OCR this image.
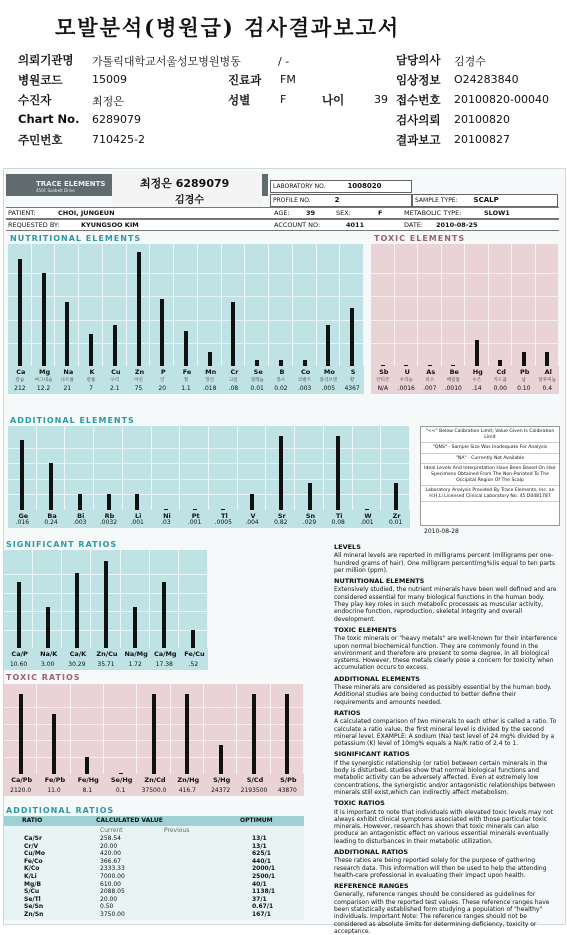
모발분석(병원급) 검사결과보고서
/ -
TRACE ELEMENTS
4501 Sunbelt Drive
최정은 6289079
김경수
LABORATORY NO.	1008020
PROFILE NO.	2	SAMPLE TYPE: SCALP
PATIENT:	CHOI, JUNGEUN	AGE:	39	SEX:	F	METABOLIC TYPE:	SLOW1
REQUESTED BY:	KYUNGSOO KIM	ACCOUNT NO:	4011	DATE: 2010-08-25
NUTRITIONAL ELEMENTS
Ca
칼슘
212
Mg
마그네슘
12.2
Na
나트륨
21
K
칼륨
7
Cu
구리
2.1
Zn
아연
75
P
인
20
Fe
철
1.1
Mn
망간
.018
Cr
크롬
.08
Se
셀레늄
0.01
B
붕소
0.02
Co
코발트
.003
Mo
몰리브덴
.005
S
황
4367
TOXIC ELEMENTS
Sb
안티몬
N/A
U
우라늄
.0016
As
비소
.007
Be
베릴륨
.0010
Hg
수은
.14
Cd
카드뮴
0.00
Pb
납
0.10
Al
알루미늄
0.4
ADDITIONAL ELEMENTS
Ge
.016
Ba
0.24
Bi
.003
Rb
.0032
Li
.001
Ni
.03
Pt
.001
Tl
.0005
V
.004
Sr
0.82
Sn
.029
Ti
0.08
W
.001
Zr
0.01
2010-08-28
"<<" Below Calibration Limit; Value Given Is Calibration Limit
"QNS" - Sample Size Was Inadequate For Analysis
"NA" - Currently Not Available
Ideal Levels And Interpretation Have Been Based On Hair Specimens Obtained From The Non-Pariated To The Occipital Region Of The Scalp
Laboratory Analysis Provided By Trace Elements, Inc. an H.H.Li Licensed Clinical Laboratory No. 45 D0481787
SIGNIFICANT RATIOS
Ca/P
10.60
Na/K
3.00
Ca/K
30.29
Zn/Cu
35.71
Na/Mg
1.72
Ca/Mg
17.38
Fe/Cu
.52
TOXIC RATIOS
Ca/Pb
2120.0
Fe/Pb
11.0
Fe/Hg
8.1
Se/Hg
0.1
Zn/Cd
37500.0
Zn/Hg
416.7
S/Hg
24372
S/Cd
2193500
S/Pb
43870
ADDITIONAL RATIOS
RATIO	CALCULATED VALUE	OPTIMUM
Current	Previous
Ca/Sr	258.54	13/1
Cr/V	20.00	13/1
Cu/Mo	420.00	625/1
Fe/Co	366.67	440/1
K/Co	2333.33	2000/1
K/Li	7000.00	2500/1
Mg/B	610.00	40/1
S/Cu	2088.05	1138/1
Se/Tl	20.00	37/1
Se/Sn	0.50	0.67/1
Zn/Sn	3750.00	167/1
LEVELS

All mineral levels are reported in milligrams percent (milligrams per one-hundred grams of hair). One milligram percent(mg%)is equal to ten parts per million (ppm).

NUTRITIONAL ELEMENTS

Extensively studied, the nutrient minerals have been well defined and are considered essential for many biological functions in the human body. They play key roles in such metabolic processes as muscular activity, endocrine function, reproduction, skeletal integrity and overall development.

TOXIC ELEMENTS

The toxic minerals or "heavy metals" are well-known for their interference upon normal biochemical function. They are commonly found in the environment and therefore are present to some degree, in all biological systems. However, these metals clearly pose a concern for toxicity when accumulation occurs to excess.

ADDITIONAL ELEMENTS

These minerals are considered as possibly essential by the human body. Additional studies are being conducted to better define their requirements and amounts needed.

RATIOS

A calculated comparison of two minerals to each other is called a ratio. To calculate a ratio value, the first mineral level is divided by the second mineral level. EXAMPLE: A sodium (Na) test level of 24 mg% divided by a potassium (K) level of 10mg% equals a Na/K ratio of 2.4 to 1.

SIGNIFICANT RATIOS

If the synergistic relationship (or ratio) between certain minerals in the body is disturbed, studies show that normal biological functions and metabolic activity can be adversely affected. Even at extremely low concentrations, the synergistic and/or antagonistic relationships between minerals still exist,which can indirectly affect metabolism.

TOXIC RATIOS

It is important to note that individuals with elevated toxic levels may not always exhibit clinical symptoms associated with those particular toxic minerals. However, research has shown that toxic minerals can also produce an antagonistic effect on various essential minerals eventually leading to disturbances in their metabolic utilization.

ADDITIONAL RATIOS

These ratios are being reported solely for the purpose of gathering research data. This information will then be used to help the attending health-care professional in evaluating their impact upon health.

REFERENCE RANGES

Generally, reference ranges should be considered as guidelines for comparison with the reported test values. These reference ranges have been statistically established form studying a population of "healthy" individuals. Important Note: The reference ranges should not be considered as absolute limits for determining deficiency, toxicity or acceptance.

의뢰기관명 가톨릭대학교서울성모병원병동
병원코드	15009
수진자	최정은
Chart No. 6289079
주민번호	710425-2
진료과 FM
성별	F	나이	39
담당의사 김경수
임상정보 O24283840
접수번호 20100820-00040
검사의뢰 20100820
결과보고 20100827
